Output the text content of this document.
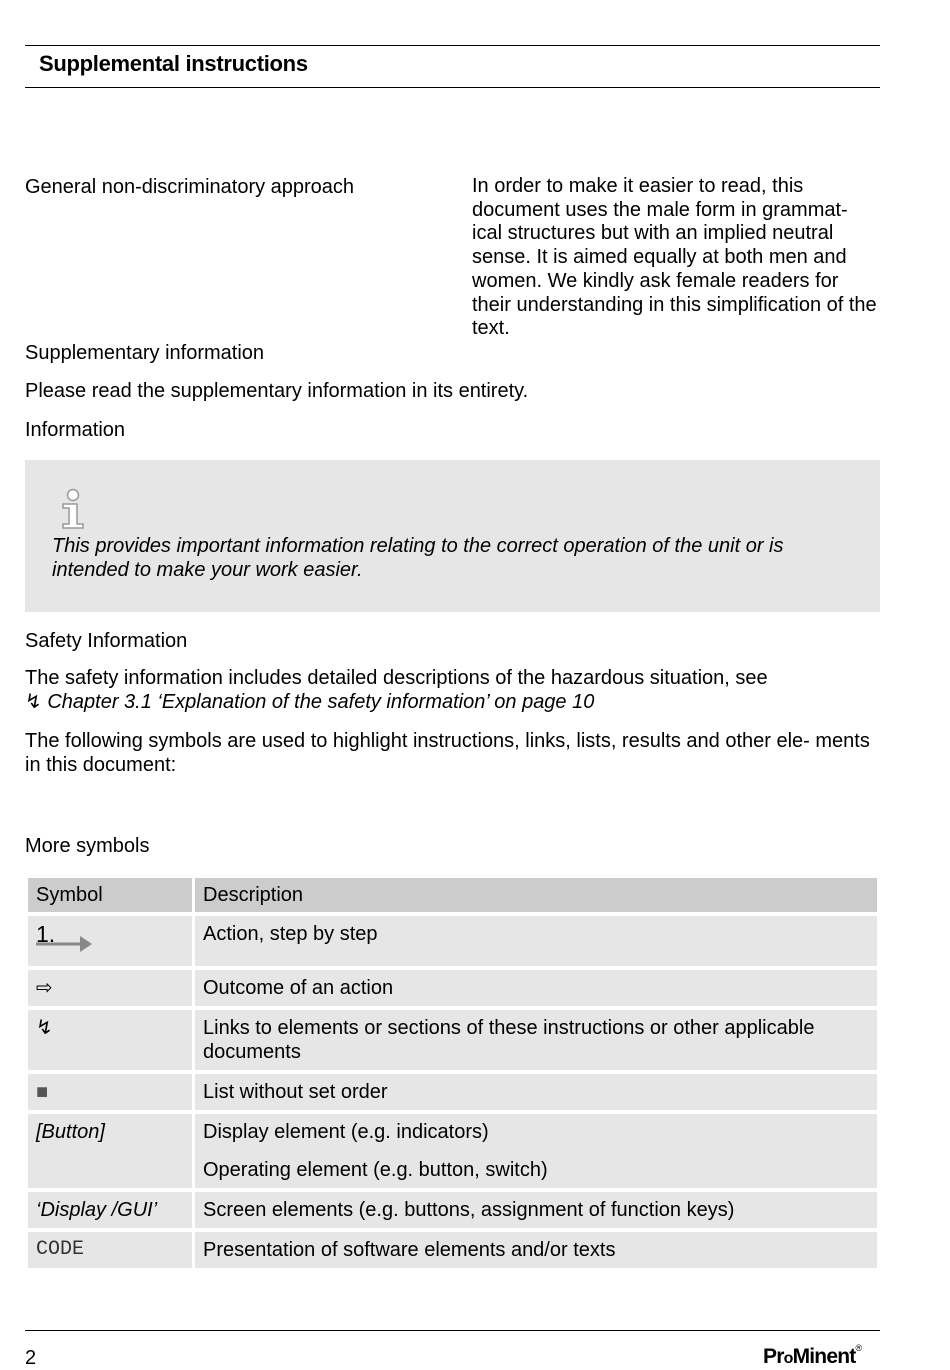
Supplemental instructions
General non-discriminatory approach	In order to make it easier to read, this document uses the male form in grammat- ical structures but with an implied neutral sense. It is aimed equally at both men and women. We kindly ask female readers for their understanding in this simplification of the text.
Supplementary information
Please read the supplementary information in its entirety.
Information
This provides important information relating to the correct operation of the unit or is intended to make your work easier.
Safety Information
The safety information includes detailed descriptions of the hazardous situation, see
↯ Chapter 3.1 ‘Explanation of the safety information’ on page 10
The following symbols are used to highlight instructions, links, lists, results and other ele- ments in this document:
More symbols
Symbol	Description

1.	Action, step by step
⇨	Outcome of an action
↯	Links to elements or sections of these instructions or other applicable documents
■	List without set order
[Button]	Display element (e.g. indicators)
Operating element (e.g. button, switch)
‘Display /GUI’	Screen elements (e.g. buttons, assignment of function keys)
CODE	Presentation of software elements and/or texts
2	ProMinent®
